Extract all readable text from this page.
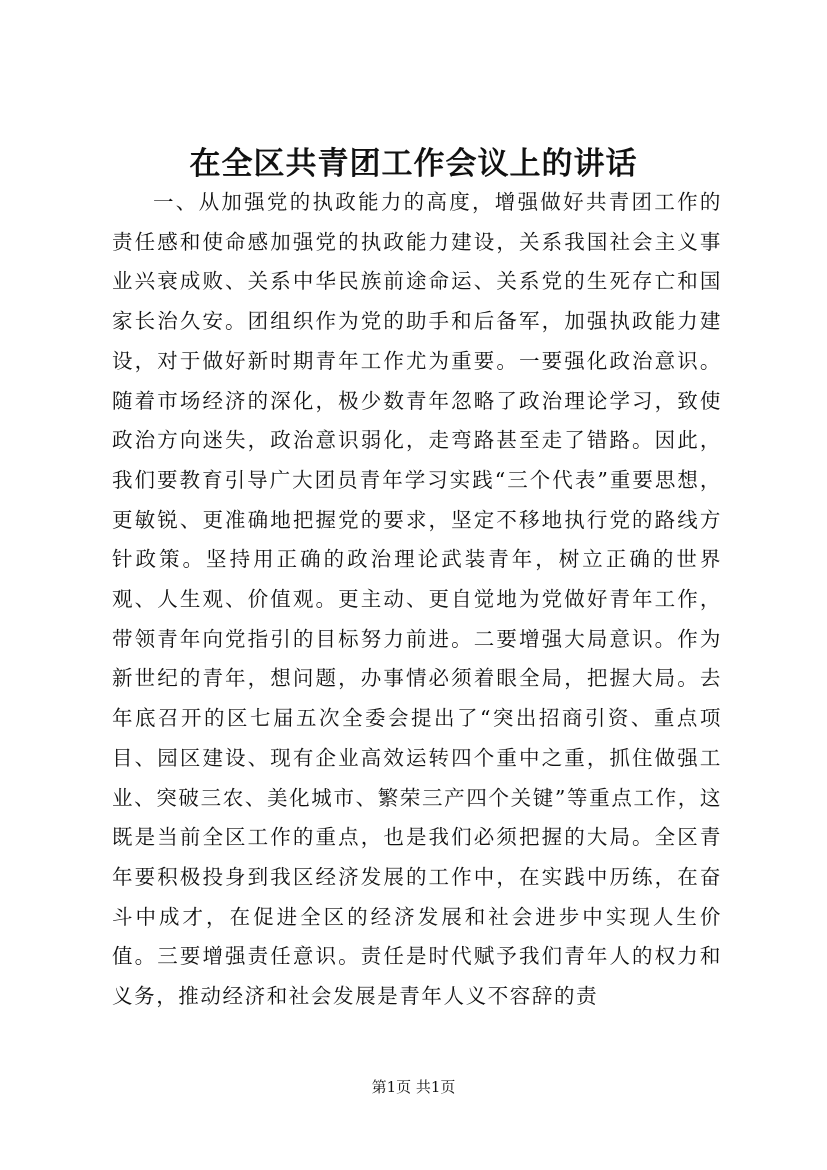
在全区共青团工作会议上的讲话
一、从加强党的执政能力的高度，增强做好共青团工作的责任感和使命感加强党的执政能力建设，关系我国社会主义事业兴衰成败、关系中华民族前途命运、关系党的生死存亡和国家长治久安。团组织作为党的助手和后备军，加强执政能力建设，对于做好新时期青年工作尤为重要。一要强化政治意识。随着市场经济的深化，极少数青年忽略了政治理论学习，致使政治方向迷失，政治意识弱化，走弯路甚至走了错路。因此，我们要教育引导广大团员青年学习实践“三个代表”重要思想，更敏锐、更准确地把握党的要求，坚定不移地执行党的路线方针政策。坚持用正确的政治理论武装青年，树立正确的世界观、人生观、价值观。更主动、更自觉地为党做好青年工作，带领青年向党指引的目标努力前进。二要增强大局意识。作为新世纪的青年，想问题，办事情必须着眼全局，把握大局。去年底召开的区七届五次全委会提出了“突出招商引资、重点项目、园区建设、现有企业高效运转四个重中之重，抓住做强工业、突破三农、美化城市、繁荣三产四个关键”等重点工作，这既是当前全区工作的重点，也是我们必须把握的大局。全区青年要积极投身到我区经济发展的工作中，在实践中历练，在奋斗中成才，在促进全区的经济发展和社会进步中实现人生价值。三要增强责任意识。责任是时代赋予我们青年人的权力和义务，推动经济和社会发展是青年人义不容辞的责
第1页 共1页
